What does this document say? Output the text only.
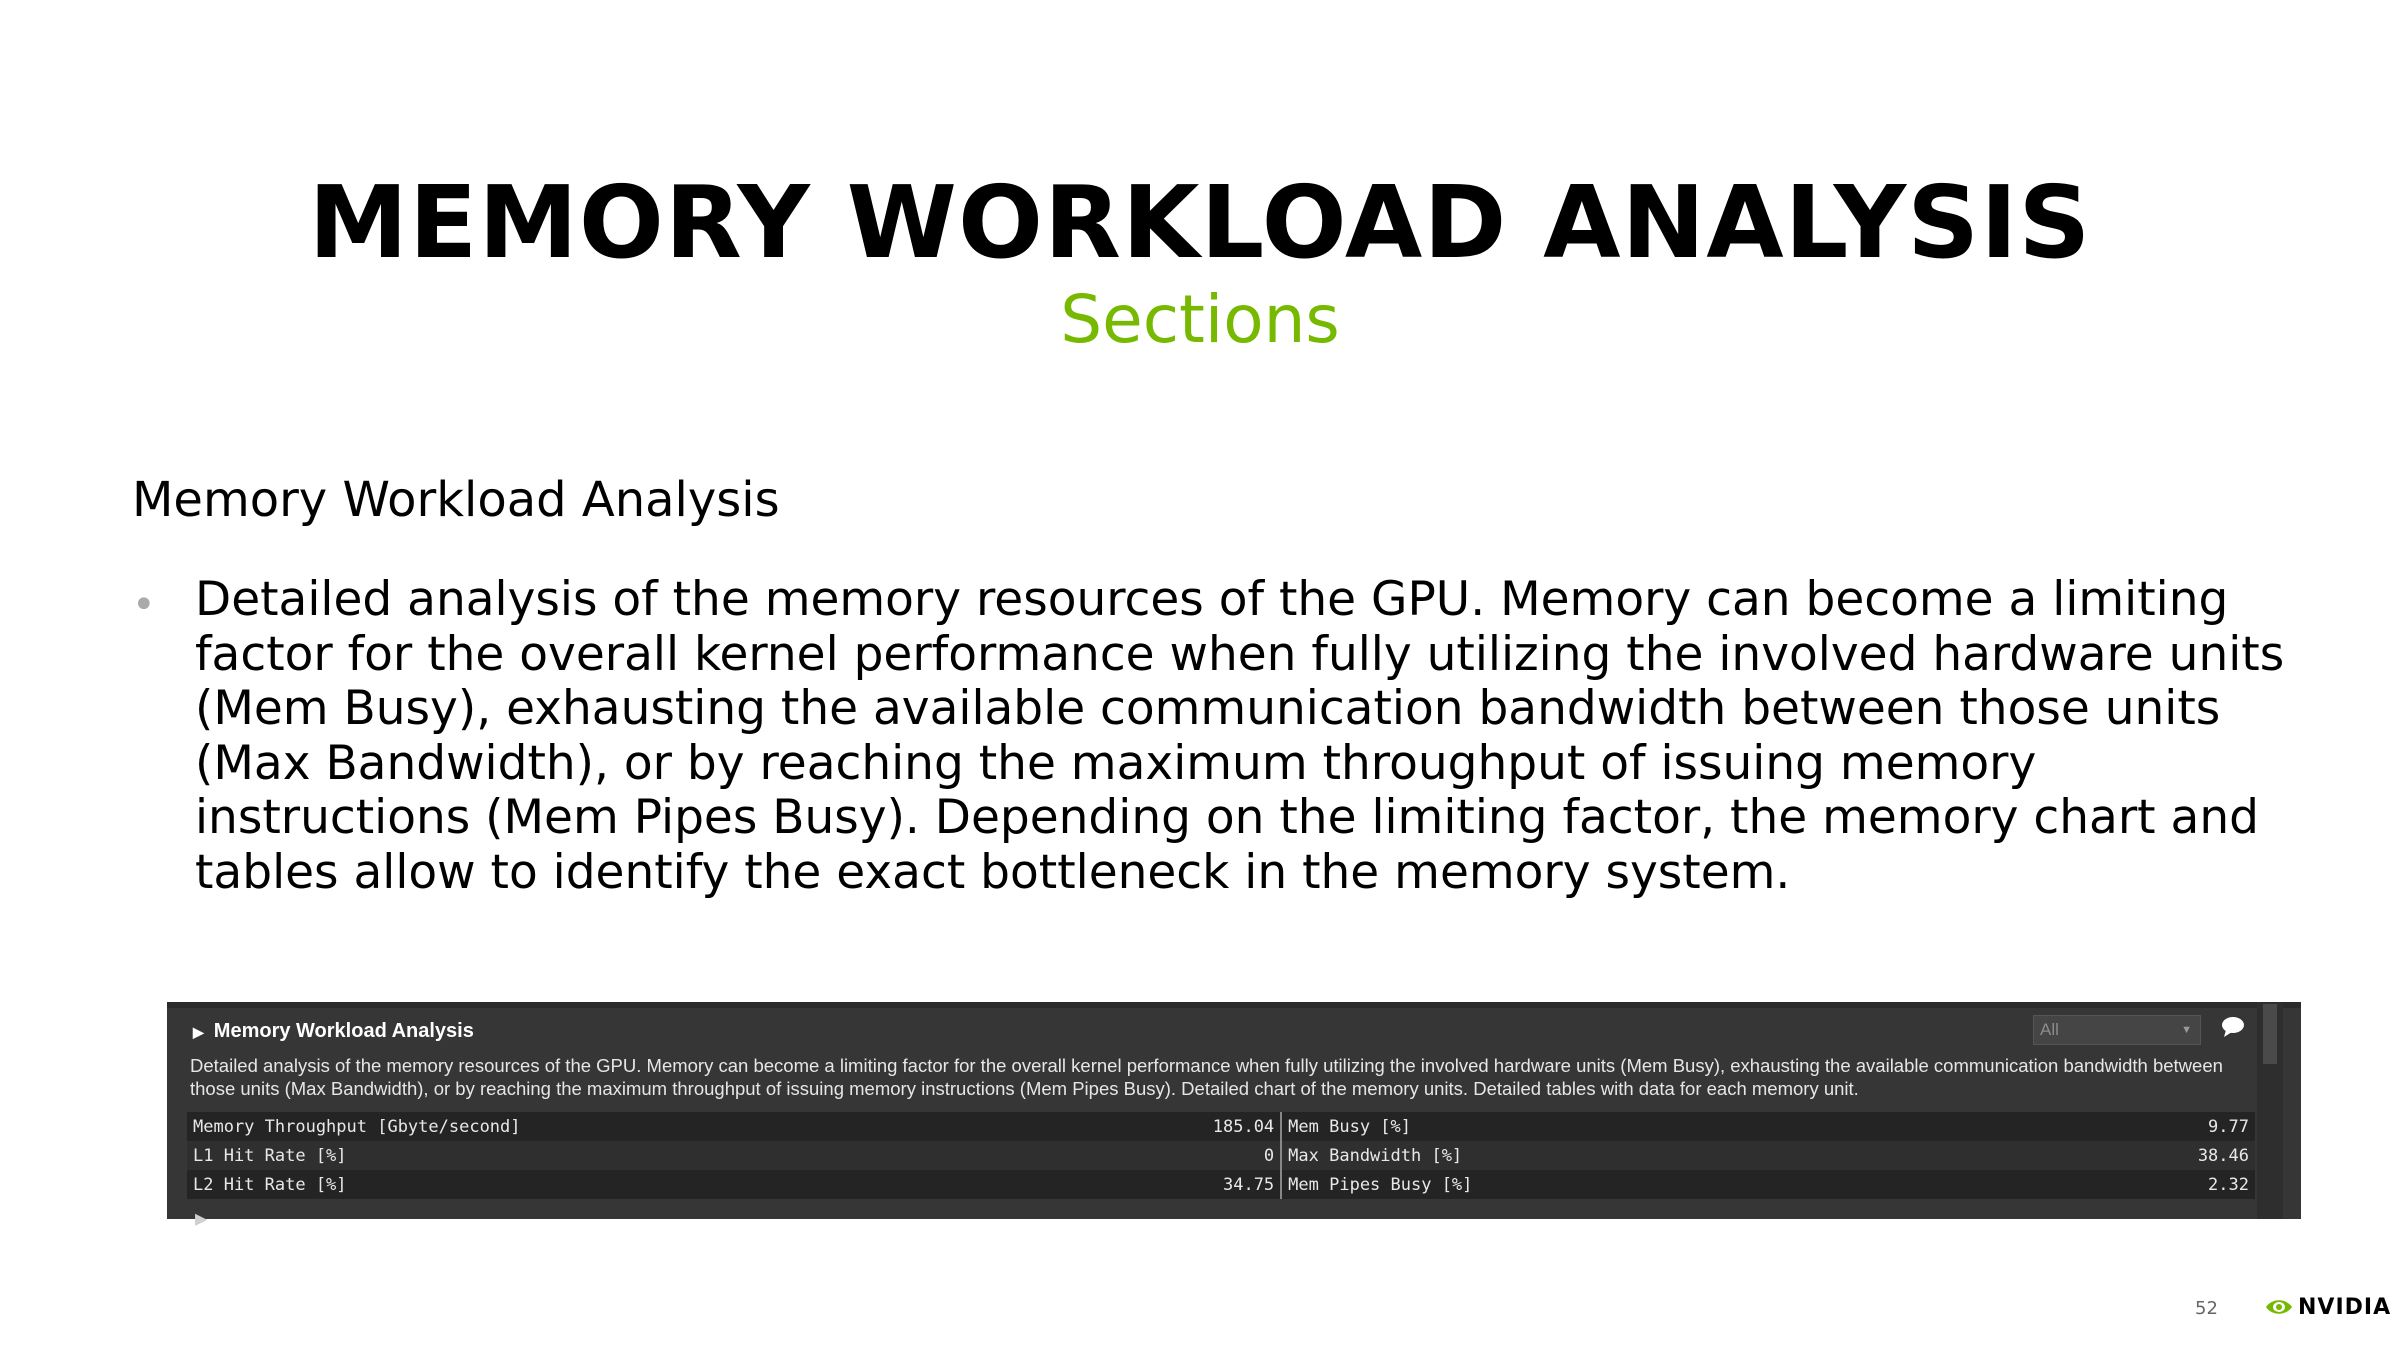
MEMORY WORKLOAD ANALYSIS
Sections
Memory Workload Analysis
• Detailed analysis of the memory resources of the GPU. Memory can become a limiting factor for the overall kernel performance when fully utilizing the involved hardware units (Mem Busy), exhausting the available communication bandwidth between those units (Max Bandwidth), or by reaching the maximum throughput of issuing memory instructions (Mem Pipes Busy). Depending on the limiting factor, the memory chart and tables allow to identify the exact bottleneck in the memory system.
▶ Memory Workload Analysis	All	▼
Detailed analysis of the memory resources of the GPU. Memory can become a limiting factor for the overall kernel performance when fully utilizing the involved hardware units (Mem Busy), exhausting the available communication bandwidth between those units (Max Bandwidth), or by reaching the maximum throughput of issuing memory instructions (Mem Pipes Busy). Detailed chart of the memory units. Detailed tables with data for each memory unit.
Memory Throughput [Gbyte/second]	185.04	Mem Busy [%]	9.77
L1 Hit Rate [%]	0	Max Bandwidth [%]	38.46
L2 Hit Rate [%]	34.75	Mem Pipes Busy [%]	2.32
▶
52	NVIDIA
